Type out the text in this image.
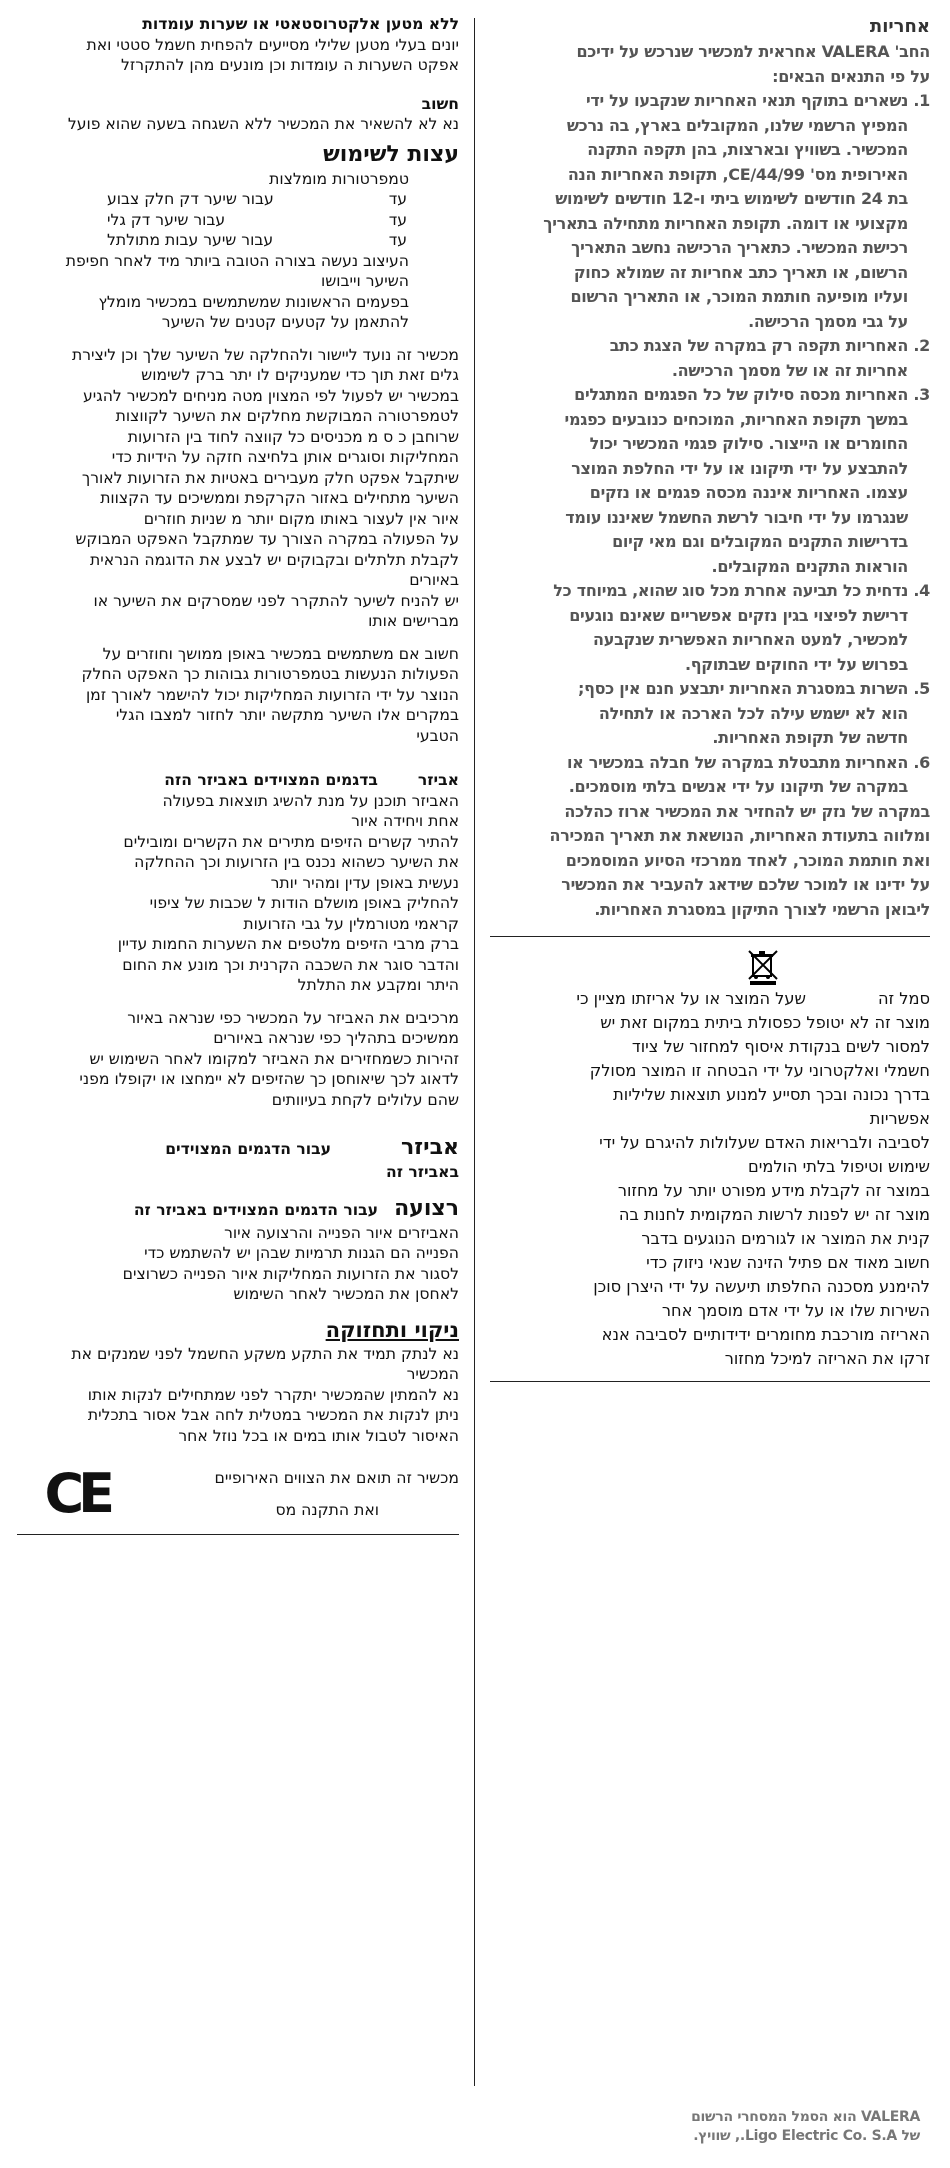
ללא מטען אלקטרוסטאטי או שערות עומדות
יונים בעלי מטען שלילי מסייעים להפחית חשמל סטטי ואת
אפקט השערות ה עומדות וכן מונעים מהן להתקרזל
חשוב
נא לא להשאיר את המכשיר ללא השגחה בשעה שהוא פועל
עצות לשימוש
טמפרטורות מומלצות
עד
עבור שיער דק חלק צבוע
עד
עבור שיער דק גלי
עד
עבור שיער עבות מתולתל
העיצוב נעשה בצורה הטובה ביותר מיד לאחר חפיפת
השיער וייבושו
בפעמים הראשונות שמשתמשים במכשיר מומלץ
להתאמן על קטעים קטנים של השיער
מכשיר זה נועד ליישור ולהחלקה של השיער שלך וכן ליצירת
גלים זאת תוך כדי שמעניקים לו יתר ברק לשימוש
במכשיר יש לפעול לפי המצוין מטה מניחים למכשיר להגיע
לטמפרטורה המבוקשת מחלקים את השיער לקווצות
שרוחבן כ ס מ מכניסים כל קווצה לחוד בין הזרועות
המחליקות וסוגרים אותן בלחיצה חזקה על הידיות כדי
שיתקבל אפקט חלק מעבירים באטיות את הזרועות לאורך
השיער מתחילים באזור הקרקפת וממשיכים עד הקצוות
איור אין לעצור באותו מקום יותר מ שניות חוזרים
על הפעולה במקרה הצורך עד שמתקבל האפקט המבוקש
לקבלת תלתלים ובקבוקים יש לבצע את הדוגמה הנראית
באיורים
יש להניח לשיער להתקרר לפני שמסרקים את השיער או
מברישים אותו
חשוב אם משתמשים במכשיר באופן ממושך וחוזרים על
הפעולות הנעשות בטמפרטורות גבוהות כך האפקט החלק
הנוצר על ידי הזרועות המחליקות יכול להישמר לאורך זמן
במקרים אלו השיער מתקשה יותר לחזור למצבו הגלי
הטבעי
אביזר
בדגמים המצוידים באביזר הזה
האביזר תוכנן על מנת להשיג תוצאות בפעולה
אחת ויחידה איור
להתיר קשרים הזיפים מתירים את הקשרים ומובילים
את השיער כשהוא נכנס בין הזרועות וכך ההחלקה
נעשית באופן עדין ומהיר יותר
להחליק באופן מושלם הודות ל שכבות של ציפוי
קראמי מטורמלין על גבי הזרועות
ברק מרבי הזיפים מלטפים את השערות החמות עדיין
והדבר סוגר את השכבה הקרנית וכך מונע את החום
היתר ומקבע את התלתל
מרכיבים את האביזר על המכשיר כפי שנראה באיור
ממשיכים בתהליך כפי שנראה באיורים
זהירות כשמחזירים את האביזר למקומו לאחר השימוש יש
לדאוג לכך שיאוחסן כך שהזיפים לא יימחצו או יקופלו מפני
שהם עלולים לקחת בעיוותים
אביזר
עבור הדגמים המצוידים
באביזר זה
רצועה
עבור הדגמים המצוידים באביזר זה
האביזרים איור הפנייה והרצועה איור
הפנייה הם הגנות תרמיות שבהן יש להשתמש כדי
לסגור את הזרועות המחליקות איור הפנייה כשרוצים
לאחסן את המכשיר לאחר השימוש
ניקוי ותחזוקה
נא לנתק תמיד את התקע משקע החשמל לפני שמנקים את
המכשיר
נא להמתין שהמכשיר יתקרר לפני שמתחילים לנקות אותו
ניתן לנקות את המכשיר במטלית לחה אבל אסור בתכלית
האיסור לטבול אותו במים או בכל נוזל אחר
מכשיר זה תואם את הצווים האירופיים
ואת התקנה מס
CE
אחריות
החב' VALERA אחראית למכשיר שנרכש על ידיכם
על פי התנאים הבאים:
1. נשארים בתוקף תנאי האחריות שנקבעו על ידי
המפיץ הרשמי שלנו, המקובלים בארץ, בה נרכש
המכשיר. בשוויץ ובארצות, בהן תקפה התקנה
האירופית מס' 44/99/CE, תקופת האחריות הנה
בת 24 חודשים לשימוש ביתי ו-12 חודשים לשימוש
מקצועי או דומה. תקופת האחריות מתחילה בתאריך
רכישת המכשיר. כתאריך הרכישה נחשב התאריך
הרשום, או תאריך כתב אחריות זה שמולא כחוק
ועליו מופיעה חותמת המוכר, או התאריך הרשום
על גבי מסמך הרכישה.
2. האחריות תקפה רק במקרה של הצגת כתב
אחריות זה או של מסמך הרכישה.
3. האחריות מכסה סילוק של כל הפגמים המתגלים
במשך תקופת האחריות, המוכחים כנובעים כפגמי
החומרים או הייצור. סילוק פגמי המכשיר יכול
להתבצע על ידי תיקונו או על ידי החלפת המוצר
עצמו. האחריות איננה מכסה פגמים או נזקים
שנגרמו על ידי חיבור לרשת החשמל שאיננו עומד
בדרישות התקנים המקובלים וגם מאי קיום
הוראות התקנים המקובלים.
4. נדחית כל תביעה אחרת מכל סוג שהוא, במיוחד כל
דרישת לפיצוי בגין נזקים אפשריים שאינם נוגעים
למכשיר, למעט האחריות האפשרית שנקבעה
בפרוש על ידי החוקים שבתוקף.
5. השרות במסגרת האחריות יתבצע חנם אין כסף;
הוא לא ישמש עילה לכל הארכה או לתחילה
חדשה של תקופת האחריות.
6. האחריות מתבטלת במקרה של חבלה במכשיר או
במקרה של תיקונו על ידי אנשים בלתי מוסמכים.
במקרה של נזק יש להחזיר את המכשיר ארוז כהלכה
ומלווה בתעודת האחריות, הנושאת את תאריך המכירה
ואת חותמת המוכר, לאחד ממרכזי הסיוע המוסמכים
על ידינו או למוכר שלכם שידאג להעביר את המכשיר
ליבואן הרשמי לצורך התיקון במסגרת האחריות.
סמל זה
שעל המוצר או על אריזתו מציין כי
מוצר זה לא יטופל כפסולת ביתית במקום זאת יש
למסור לשים בנקודת איסוף למחזור של ציוד
חשמלי ואלקטרוני על ידי הבטחה זו המוצר מסולק
בדרך נכונה ובכך תסייע למנוע תוצאות שליליות
אפשריות
לסביבה ולבריאות האדם שעלולות להיגרם על ידי
שימוש וטיפול בלתי הולמים
במוצר זה לקבלת מידע מפורט יותר על מחזור
מוצר זה יש לפנות לרשות המקומית לחנות בה
קנית את המוצר או לגורמים הנוגעים בדבר
חשוב מאוד אם פתיל הזינה שנאי ניזוק כדי
להימנע מסכנה החלפתו תיעשה על ידי היצרן סוכן
השירות שלו או על ידי אדם מוסמך אחר
האריזה מורכבת מחומרים ידידותיים לסביבה אנא
זרקו את האריזה למיכל מחזור
VALERA הוא הסמל המסחרי הרשום
של Ligo Electric Co. S.A., שוויץ.
